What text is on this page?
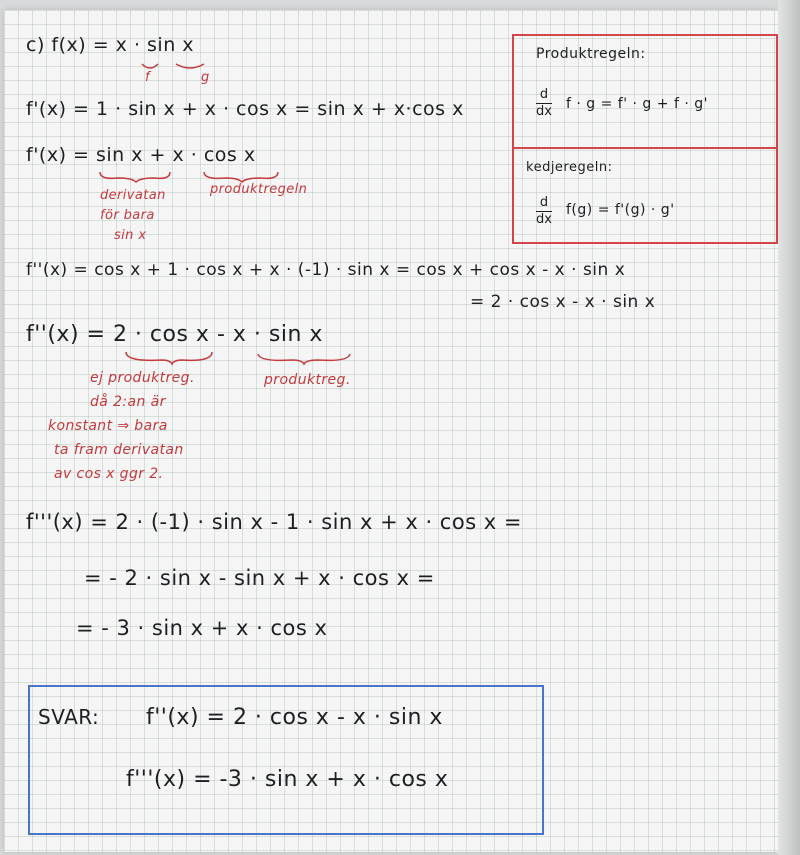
c) f(x) = x · sin x
f	g
f'(x) = 1 · sin x + x · cos x = sin x + x·cos x
f'(x) = sin x + x · cos x
derivatan
för bara
sin x
produktregeln
Produktregeln:
d
dx f · g = f' · g + f · g'
kedjeregeln:
d
dx
f(g) = f'(g) · g'
f''(x) = cos x + 1 · cos x + x · (-1) · sin x = cos x + cos x - x · sin x
= 2 · cos x - x · sin x
f''(x) = 2 · cos x - x · sin x
ej produktreg.
då 2:an är
konstant ⇒ bara
ta fram derivatan
av cos x ggr 2.
produktreg.
f'''(x) = 2 · (-1) · sin x - 1 · sin x + x · cos x =
= - 2 · sin x - sin x + x · cos x =
= - 3 · sin x + x · cos x
SVAR: f''(x) = 2 · cos x - x · sin x
f'''(x) = -3 · sin x + x · cos x
